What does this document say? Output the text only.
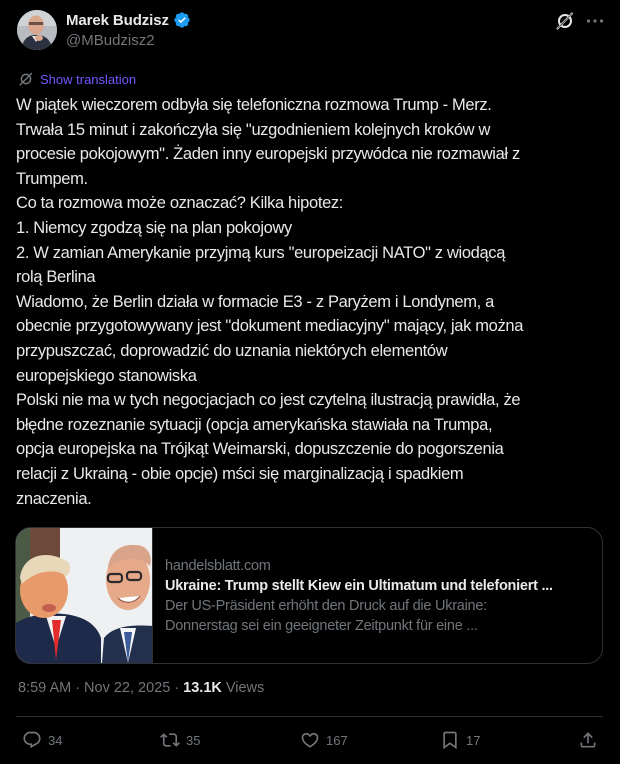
Marek Budzisz
@MBudzisz2
Show translation

W piątek wieczorem odbyła się telefoniczna rozmowa Trump - Merz.

Trwała 15 minut i zakończyła się "uzgodnieniem kolejnych kroków w

procesie pokojowym". Żaden inny europejski przywódca nie rozmawiał z

Trumpem.

Co ta rozmowa może oznaczać? Kilka hipotez:

1. Niemcy zgodzą się na plan pokojowy

2. W zamian Amerykanie przyjmą kurs "europeizacji NATO" z wiodącą

rolą Berlina

Wiadomo, że Berlin działa w formacie E3 - z Paryżem i Londynem, a

obecnie przygotowywany jest "dokument mediacyjny" mający, jak można

przypuszczać, doprowadzić do uznania niektórych elementów

europejskiego stanowiska

Polski nie ma w tych negocjacjach co jest czytelną ilustracją prawidła, że

błędne rozeznanie sytuacji (opcja amerykańska stawiała na Trumpa,

opcja europejska na Trójkąt Weimarski, dopuszczenie do pogorszenia

relacji z Ukrainą - obie opcje) mści się marginalizacją i spadkiem

znaczenia.

handelsblatt.com
Ukraine: Trump stellt Kiew ein Ultimatum und telefoniert ...
Der US-Präsident erhöht den Druck auf die Ukraine:
Donnerstag sei ein geeigneter Zeitpunkt für eine ...
8:59 AM · Nov 22, 2025 · 13.1K Views
34	35	167	17
